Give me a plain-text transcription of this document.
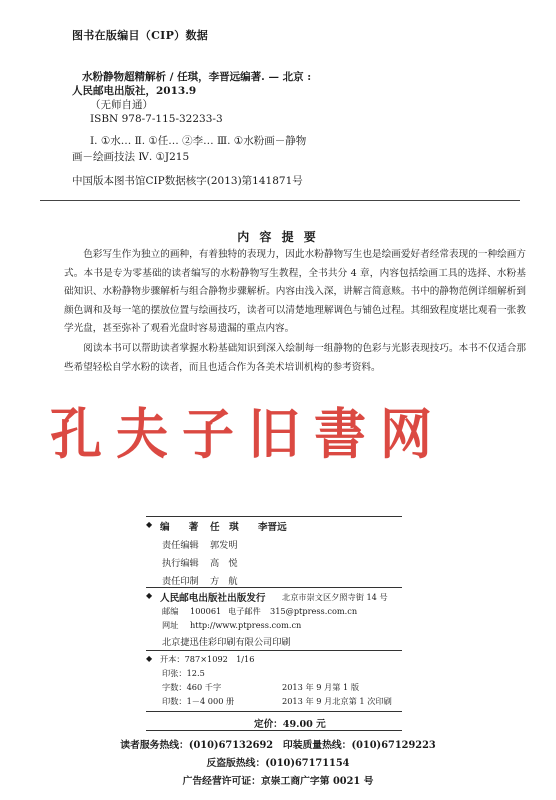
图书在版编目（CIP）数据
水粉静物超精解析 / 任琪，李晋远编著. — 北京 :
人民邮电出版社，2013.9
（无师自通）
ISBN 978-7-115-32233-3
Ⅰ. ①水… Ⅱ. ①任… ②李… Ⅲ. ①水粉画－静物
画－绘画技法 Ⅳ. ①J215
中国版本图书馆CIP数据核字(2013)第141871号
内 容 提 要
色彩写生作为独立的画种，有着独特的表现力，因此水粉静物写生也是绘画爱好者经常表现的一种绘画方式。本书是专为零基础的读者编写的水粉静物写生教程，全书共分 4 章，内容包括绘画工具的选择、水粉基础知识、水粉静物步骤解析与组合静物步骤解析。内容由浅入深，讲解言简意赅。书中的静物范例详细解析到颜色调和及每一笔的摆放位置与绘画技巧，读者可以清楚地理解调色与铺色过程。其细致程度堪比观看一张教学光盘，甚至弥补了观看光盘时容易遗漏的重点内容。
阅读本书可以帮助读者掌握水粉基础知识到深入绘制每一组静物的色彩与光影表现技巧。本书不仅适合那些希望轻松自学水粉的读者，而且也适合作为各美术培训机构的参考资料。
孔夫子旧書网
◆ 编　　著 任　琪　　李晋远
责任编辑 郭发明
执行编辑 高　悦
责任印制 方　航
◆ 人民邮电出版社出版发行 北京市崇文区夕照寺街 14 号
邮编 100061 电子邮件 315@ptpress.com.cn
网址 http://www.ptpress.com.cn
北京捷迅佳彩印刷有限公司印刷
◆ 开本：787×1092　1/16
印张：12.5
字数：460 千字	2013 年 9 月第 1 版
印数：1－4 000 册	2013 年 9 月北京第 1 次印刷
定价：49.00 元
读者服务热线：(010)67132692　印装质量热线：(010)67129223
反盗版热线：(010)67171154
广告经营许可证：京崇工商广字第 0021 号
